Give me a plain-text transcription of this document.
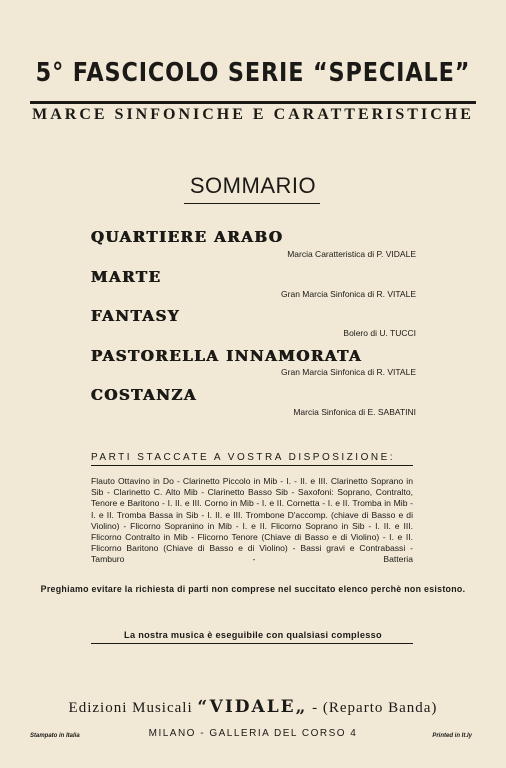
5° FASCICOLO SERIE “SPECIALE”
MARCE SINFONICHE E CARATTERISTICHE
SOMMARIO
QUARTIERE ARABO
Marcia Caratteristica di P. VIDALE
MARTE
Gran Marcia Sinfonica di R. VITALE
FANTASY
Bolero di U. TUCCI
PASTORELLA INNAMORATA
Gran Marcia Sinfonica di R. VITALE
COSTANZA
Marcia Sinfonica di E. SABATINI
PARTI STACCATE A VOSTRA DISPOSIZIONE:
Flauto Ottavino in Do - Clarinetto Piccolo in Mib - I. - II. e III. Clarinetto Soprano in Sib - Clarinetto C. Alto Mib - Clarinetto Basso Sib - Saxofoni: Soprano, Contralto, Tenore e Baritono - I. II. e III. Corno in Mib - I. e II. Cornetta - I. e II. Tromba in Mib - I. e II. Tromba Bassa in Sib - I. II. e III. Trombone D'accomp. (chiave di Basso e di Violino) - Flicorno Sopranino in Mib - I. e II. Flicorno Soprano in Sib - I. II. e III. Flicorno Contralto in Mib - Flicorno Tenore (Chiave di Basso e di Violino) - I. e II. Flicorno Baritono (Chiave di Basso e di Violino) - Bassi gravi e Contrabassi - Tamburo - Batteria
Preghiamo evitare la richiesta di parti non comprese nel succitato elenco perchè non esistono.
La nostra musica è eseguibile con qualsiasi complesso
Edizioni Musicali “VIDALE„ - (Reparto Banda)
Stampato in Italia	MILANO - GALLERIA DEL CORSO 4	Printed in It.ly
